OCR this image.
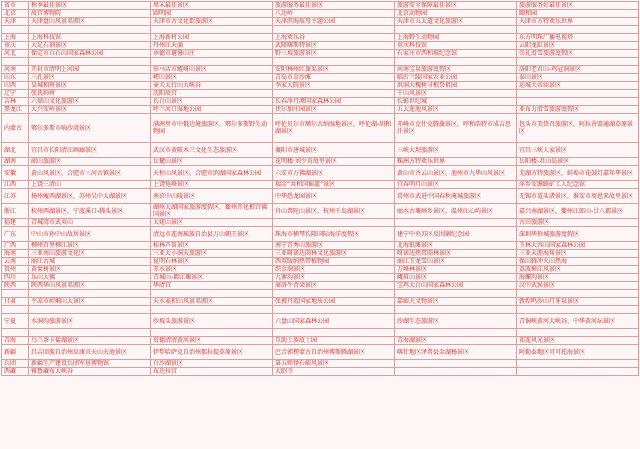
省市	秋季最佳景区	周末最佳景区	旅游服务最佳景区	旅游安全保障最佳景区	旅游服务好最佳景区
北京	故宫博物院	圆明园	八达岭	北京动物园	颐和园
天津	天津盘山风景名胜区	天津市古文化街旅游区	天津滨海航母主题公园	天津市五大道文化旅游区	天津市方特欢乐世界

上海	上海科技馆	上海新村公园	上海欢乐谷	上海野生动物园	东方明珠广播电视塔
重庆	大足石刻景区	丹州江天涌	武隆喀斯特景区	重庆科技馆	云阳龙缸景区
河北	保定市白石山国家森林公园	承德市避暑山庄	野三坡旅游景区	石家庄市西柏坡纪念馆	崇礼滑雪旅游度假区

河南	开封市清明上河园	驻马店市嵖岈山景区	安阳林州红旗渠景区	河南宝泉旅游度假区	洛阳老君山-鸡冠洞景区
山东	三孔景区	崂山景区	青岛市金沙滩	临沂兰陵国家农业公园	泰山景区
山西	皇城相府景区	壶关太行山大峡谷	李家大院景区	洪洞大槐树寻根祭祖园	运城关帝庙景区
辽宁	张氏帅府	沈阳故宫		千山风景区	
吉林	六鼎山文化旅游区	长白山景区	长春净月潭国家森林公园	长影世纪城	
黑龙江	大兴安岭景区	呼兰河口湿地公园	伏尔加庄园景区	五大连池风景区	亚布力滑雪旅游度假区
内蒙古	鄂尔多斯市响沙湾景区	满洲里市中俄边境旅游区，鄂尔多斯野生动物园	呼伦贝尔市额尔古纳湿地景区，呼伦湖-胡和湖景区	赤峰市克什克腾旗景区，呼和浩特市成吉思汗景区	包头市美岱召旅游区，阿拉善盟通湖草原景区
湖北	宜昌市长阳清江画廊景区	武汉市黄陂木兰文化生态旅游区	襄阳市唐城景区	三峡大坝旅游区	宜昌三峡人家景区
湖南	韶山旅游区	岳麓山景区	花明楼·刘少奇故里景区	株洲方特欢乐世界	岳阳楼-君山岛景区
安徽	黄山风景区，合肥市三河古镇景区	天柱山风景区，合肥市滨湖国家森林公园	六安市万佛湖景区	黄山市齐云山景区，池州市九华山风景区	芜湖方特旅游区，蚌埠市花鼓灯嘉年华景区
江西	上饶三清山	上饶龟峰景区	瑞金“共和国摇篮”景区	宜春明月山景区	萍乡安源路矿工人纪念馆
江苏	扬州瘦西湖景区，苏州吴中太湖景区	南京中山陵景区	中华恐龙园景区	常州市武进中国春秋淹城旅游区	无锡市鼋头渚景区，淮安市周恩来故里景区
浙江	杭州西湖景区，宁波溪口-腾头景区	湖州太湖国家旅游度假区，衢州开化根宫佛国景区	舟山普陀山景区，杭州千岛湖景区	丽水古堰画乡景区，温州江心屿景区	嘉兴南湖景区，衢州江郎山-廿八都景区
福建	青城湾市武夷山	太姥山景区			古田旅游区
广东	中山市孙中山故居景区	清远市连南瑶族自治县万山朝王景区	珠海市横琴长隆国际海洋度假区	建宁中央苏区反围剿纪念园	深圳华侨城旅游度假区
广西	柳州百里柳江景区	桂林芦笛景区	南宁青秀山旅游区	北海银滩景区	玉林大容山国家森林公园
海南	三亚南山旅游文化区	三亚大小洞天旅游区	三亚呀诺达雨林文化旅游区	呀诺达热带雨林景区	三亚天涯海角景区
云南	丽江古城	昆明石林景区	西双版纳热带植物园	丽江玉龙雪山景区	保山腾冲火山热海
贵州	黄果树景区	赤水景区	织金洞景区	万峰林景区	荔波樟江风景区
四川	乐山大佛	青城山-都江堰景区	九寨沟景区	峨眉山景区	海螺沟景区
陕西	陕西华山风景名胜区	华清宫	商洛牛背梁景区	宝鸡太白山国家森林公园	汉中武侯景区

甘肃	平凉市崆峒山大景区	天水麦积山风景名胜区	张掖丹霞国家地质公园	嘉峪关文物景区	敦煌鸣沙山月牙泉景区

宁夏	水洞沟旅游景区	沙坡头旅游景区	六盘山国家森林公园	沙湖生态旅游区	青铜峡黄河大峡谷，中华黄河坛景区

青海	乌兰茶卡盐湖景区	贵德清清黄河景区	互助土族故土园	青海湖景区	祁连风光景区
新疆	昌吉回族自治州阜康市天山天池景区	伊犁哈萨克自治州那拉提草原景区	巴音郭楞蒙古自治州博斯腾湖景区	喀什地区泽普县金湖杨景区	阿勒泰地区可可托海景区
兵团	新疆生产建设兵团军垦博物馆	白沙湖景区	第五师怪石峪风景区		
西藏	雅鲁藏布大峡谷	布达拉宫	大昭寺		
